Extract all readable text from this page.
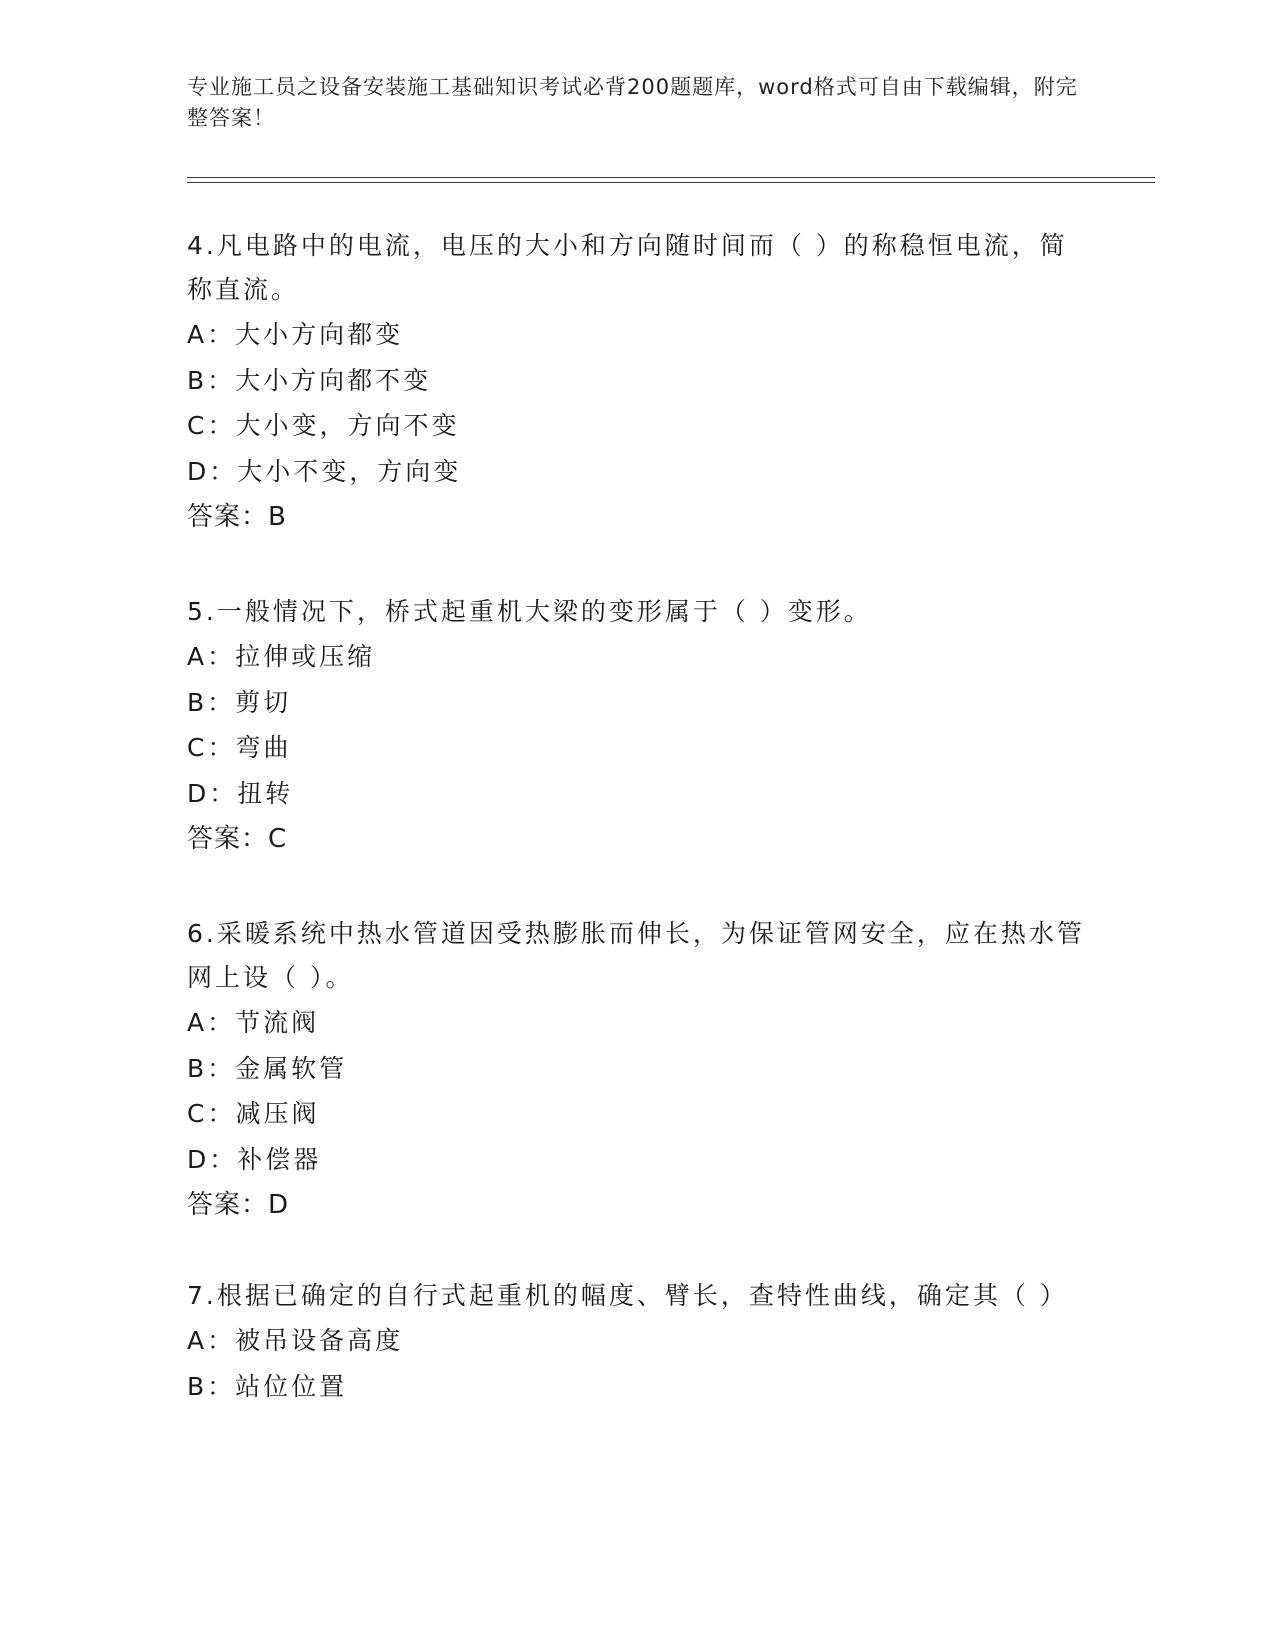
专业施工员之设备安装施工基础知识考试必背200题题库，word格式可自由下载编辑，附完整答案！

4.凡电路中的电流，电压的大小和方向随时间而（ ）的称稳恒电流，简称直流。

A：大小方向都变

B：大小方向都不变

C：大小变，方向不变

D：大小不变，方向变

答案：B

5.一般情况下，桥式起重机大梁的变形属于（ ）变形。

A：拉伸或压缩

B：剪切

C：弯曲

D：扭转

答案：C

6.采暖系统中热水管道因受热膨胀而伸长，为保证管网安全，应在热水管网上设（ ）。

A：节流阀

B：金属软管

C：减压阀

D：补偿器

答案：D

7.根据已确定的自行式起重机的幅度、臂长，查特性曲线，确定其（ ）

A：被吊设备高度

B：站位位置
